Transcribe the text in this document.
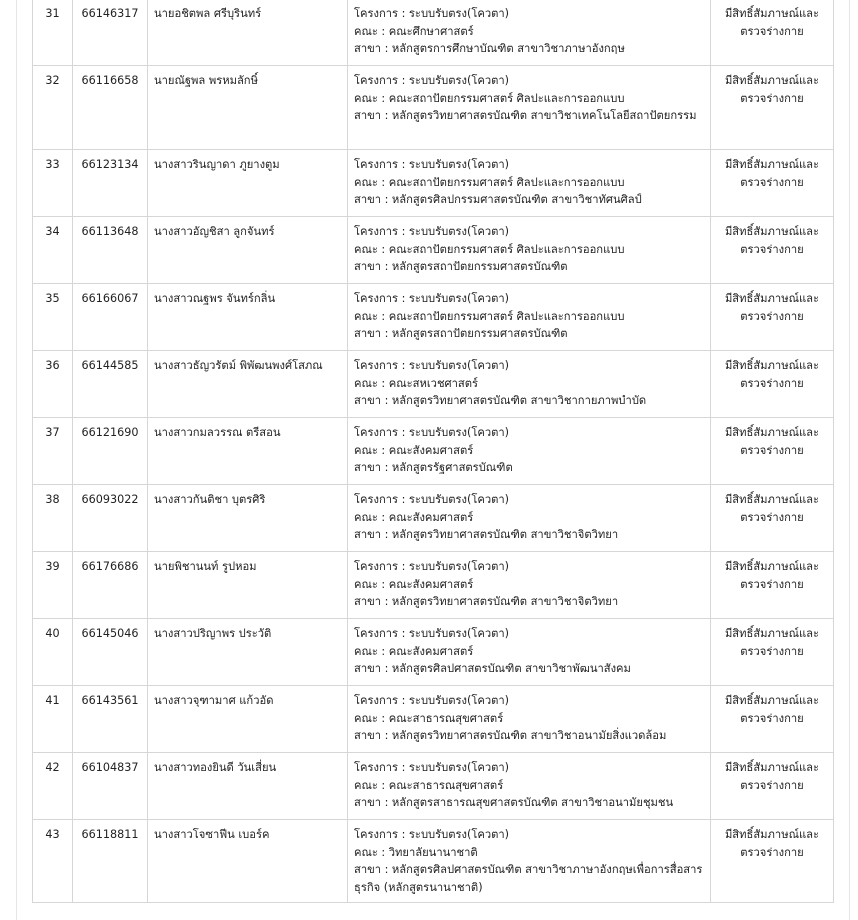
31	66146317	นายอชิตพล ศรีบุรินทร์	โครงการ : ระบบรับตรง(โควตา)
คณะ : คณะศึกษาศาสตร์
สาขา : หลักสูตรการศึกษาบัณฑิต สาขาวิชาภาษาอังกฤษ	มีสิทธิ์สัมภาษณ์และตรวจร่างกาย
32	66116658	นายณัฐพล พรหมลักษิ์	โครงการ : ระบบรับตรง(โควตา)
คณะ : คณะสถาปัตยกรรมศาสตร์ ศิลปะและการออกแบบ
สาขา : หลักสูตรวิทยาศาสตรบัณฑิต สาขาวิชาเทคโนโลยีสถาปัตยกรรม	มีสิทธิ์สัมภาษณ์และตรวจร่างกาย
33	66123134	นางสาวรินญาดา ภูยางตูม	โครงการ : ระบบรับตรง(โควตา)
คณะ : คณะสถาปัตยกรรมศาสตร์ ศิลปะและการออกแบบ
สาขา : หลักสูตรศิลปกรรมศาสตรบัณฑิต สาขาวิชาทัศนศิลป์	มีสิทธิ์สัมภาษณ์และตรวจร่างกาย
34	66113648	นางสาวอัญชิสา ลูกจันทร์	โครงการ : ระบบรับตรง(โควตา)
คณะ : คณะสถาปัตยกรรมศาสตร์ ศิลปะและการออกแบบ
สาขา : หลักสูตรสถาปัตยกรรมศาสตรบัณฑิต	มีสิทธิ์สัมภาษณ์และตรวจร่างกาย
35	66166067	นางสาวณฐพร จันทร์กลิ่น	โครงการ : ระบบรับตรง(โควตา)
คณะ : คณะสถาปัตยกรรมศาสตร์ ศิลปะและการออกแบบ
สาขา : หลักสูตรสถาปัตยกรรมศาสตรบัณฑิต	มีสิทธิ์สัมภาษณ์และตรวจร่างกาย
36	66144585	นางสาวธัญวรัตม์ พิพัฒนพงศ์โสภณ	โครงการ : ระบบรับตรง(โควตา)
คณะ : คณะสหเวชศาสตร์
สาขา : หลักสูตรวิทยาศาสตรบัณฑิต สาขาวิชากายภาพบำบัด	มีสิทธิ์สัมภาษณ์และตรวจร่างกาย
37	66121690	นางสาวกมลวรรณ ตรีสอน	โครงการ : ระบบรับตรง(โควตา)
คณะ : คณะสังคมศาสตร์
สาขา : หลักสูตรรัฐศาสตรบัณฑิต	มีสิทธิ์สัมภาษณ์และตรวจร่างกาย
38	66093022	นางสาวกันติชา บุตรศิริ	โครงการ : ระบบรับตรง(โควตา)
คณะ : คณะสังคมศาสตร์
สาขา : หลักสูตรวิทยาศาสตรบัณฑิต สาขาวิชาจิตวิทยา	มีสิทธิ์สัมภาษณ์และตรวจร่างกาย
39	66176686	นายพิชานนท์ รูปหอม	โครงการ : ระบบรับตรง(โควตา)
คณะ : คณะสังคมศาสตร์
สาขา : หลักสูตรวิทยาศาสตรบัณฑิต สาขาวิชาจิตวิทยา	มีสิทธิ์สัมภาษณ์และตรวจร่างกาย
40	66145046	นางสาวปริญาพร ประวัติ	โครงการ : ระบบรับตรง(โควตา)
คณะ : คณะสังคมศาสตร์
สาขา : หลักสูตรศิลปศาสตรบัณฑิต สาขาวิชาพัฒนาสังคม	มีสิทธิ์สัมภาษณ์และตรวจร่างกาย
41	66143561	นางสาวจุฑามาศ แก้วอัด	โครงการ : ระบบรับตรง(โควตา)
คณะ : คณะสาธารณสุขศาสตร์
สาขา : หลักสูตรวิทยาศาสตรบัณฑิต สาขาวิชาอนามัยสิ่งแวดล้อม	มีสิทธิ์สัมภาษณ์และตรวจร่างกาย
42	66104837	นางสาวทองยินดี วันเสี่ยน	โครงการ : ระบบรับตรง(โควตา)
คณะ : คณะสาธารณสุขศาสตร์
สาขา : หลักสูตรสาธารณสุขศาสตรบัณฑิต สาขาวิชาอนามัยชุมชน	มีสิทธิ์สัมภาษณ์และตรวจร่างกาย
43	66118811	นางสาวโจซาฟีน เบอร์ค	โครงการ : ระบบรับตรง(โควตา)
คณะ : วิทยาลัยนานาชาติ
สาขา : หลักสูตรศิลปศาสตรบัณฑิต สาขาวิชาภาษาอังกฤษเพื่อการสื่อสารธุรกิจ (หลักสูตรนานาชาติ)	มีสิทธิ์สัมภาษณ์และตรวจร่างกาย
